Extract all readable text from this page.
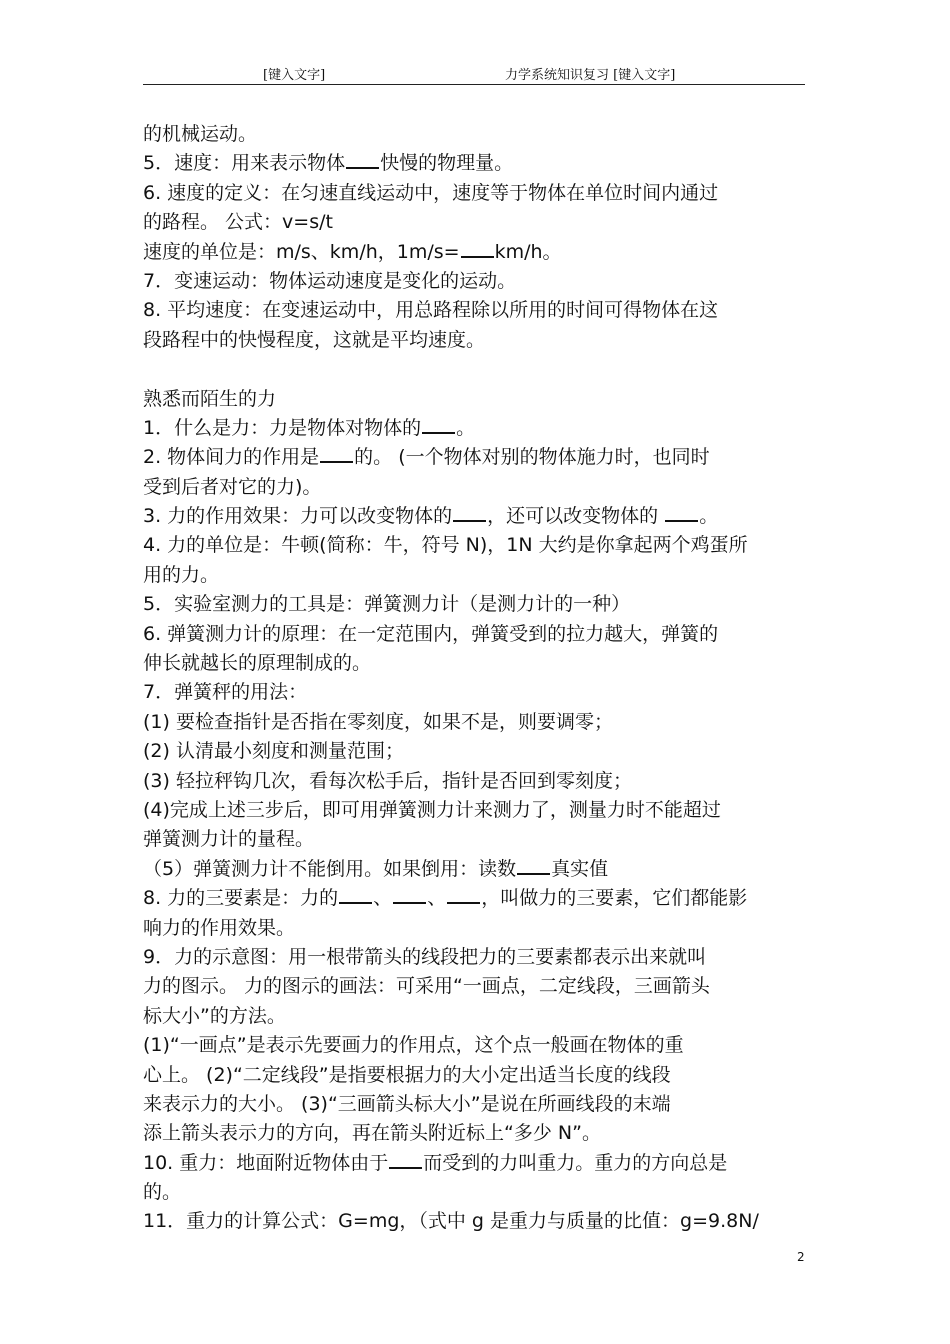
[键入文字]	力学系统知识复习 [键入文字]
的机械运动。
5．速度：用来表示物体 快慢的物理量。
6. 速度的定义：在匀速直线运动中，速度等于物体在单位时间内通过
的路程。 公式：v=s/t
速度的单位是：m/s、km/h，1m/s= km/h。
7．变速运动：物体运动速度是变化的运动。
8. 平均速度：在变速运动中，用总路程除以所用的时间可得物体在这
段路程中的快慢程度，这就是平均速度。
熟悉而陌生的力
1．什么是力：力是物体对物体的 。
2. 物体间力的作用是 的。 (一个物体对别的物体施力时，也同时
受到后者对它的力)。
3. 力的作用效果：力可以改变物体的 ，还可以改变物体的 。
4. 力的单位是：牛顿(简称：牛，符号 N)，1N 大约是你拿起两个鸡蛋所
用的力。
5．实验室测力的工具是：弹簧测力计（是测力计的一种）
6. 弹簧测力计的原理：在一定范围内，弹簧受到的拉力越大，弹簧的
伸长就越长的原理制成的。
7．弹簧秤的用法：
(1) 要检查指针是否指在零刻度，如果不是，则要调零；
(2) 认清最小刻度和测量范围；
(3) 轻拉秤钩几次，看每次松手后，指针是否回到零刻度；
(4)完成上述三步后，即可用弹簧测力计来测力了，测量力时不能超过
弹簧测力计的量程。
（5）弹簧测力计不能倒用。如果倒用：读数 真实值
8. 力的三要素是：力的 、 、 ，叫做力的三要素，它们都能影
响力的作用效果。
9．力的示意图：用一根带箭头的线段把力的三要素都表示出来就叫
力的图示。 力的图示的画法：可采用“一画点，二定线段，三画箭头
标大小”的方法。
(1)“一画点”是表示先要画力的作用点，这个点一般画在物体的重
心上。 (2)“二定线段”是指要根据力的大小定出适当长度的线段
来表示力的大小。 (3)“三画箭头标大小”是说在所画线段的末端
添上箭头表示力的方向，再在箭头附近标上“多少 N”。
10. 重力：地面附近物体由于 而受到的力叫重力。重力的方向总是
的。
11．重力的计算公式：G=mg，（式中 g 是重力与质量的比值：g=9.8N/
2
